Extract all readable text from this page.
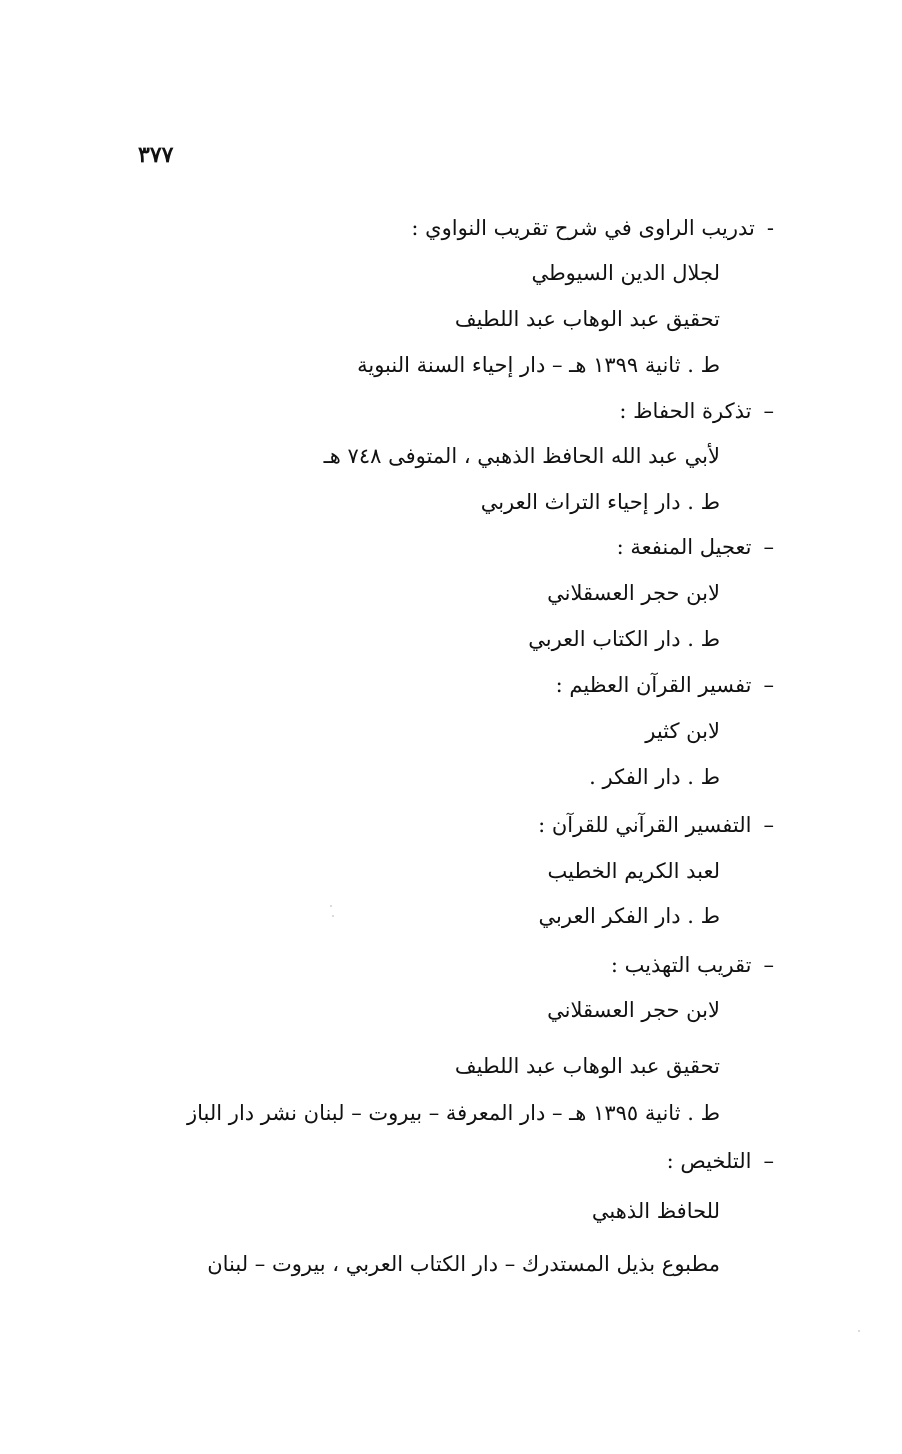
٣٧٧
-تدريب الراوى في شرح تقريب النواوي :
لجلال الدين السيوطي
تحقيق عبد الوهاب عبد اللطيف
ط . ثانية ١٣٩٩ هـ – دار إحياء السنة النبوية
–تذكرة الحفاظ :
لأبي عبد الله الحافظ الذهبي ، المتوفى ٧٤٨ هـ
ط . دار إحياء التراث العربي
–تعجيل المنفعة :
لابن حجر العسقلاني
ط . دار الكتاب العربي
–تفسير القرآن العظيم :
لابن كثير
ط . دار الفكر .
–التفسير القرآني للقرآن :
لعبد الكريم الخطيب
ط . دار الفكر العربي
–تقريب التهذيب :
لابن حجر العسقلاني
تحقيق عبد الوهاب عبد اللطيف
ط . ثانية ١٣٩٥ هـ – دار المعرفة – بيروت – لبنان نشر دار الباز
–التلخيص :
للحافظ الذهبي
مطبوع بذيل المستدرك – دار الكتاب العربي ، بيروت – لبنان
